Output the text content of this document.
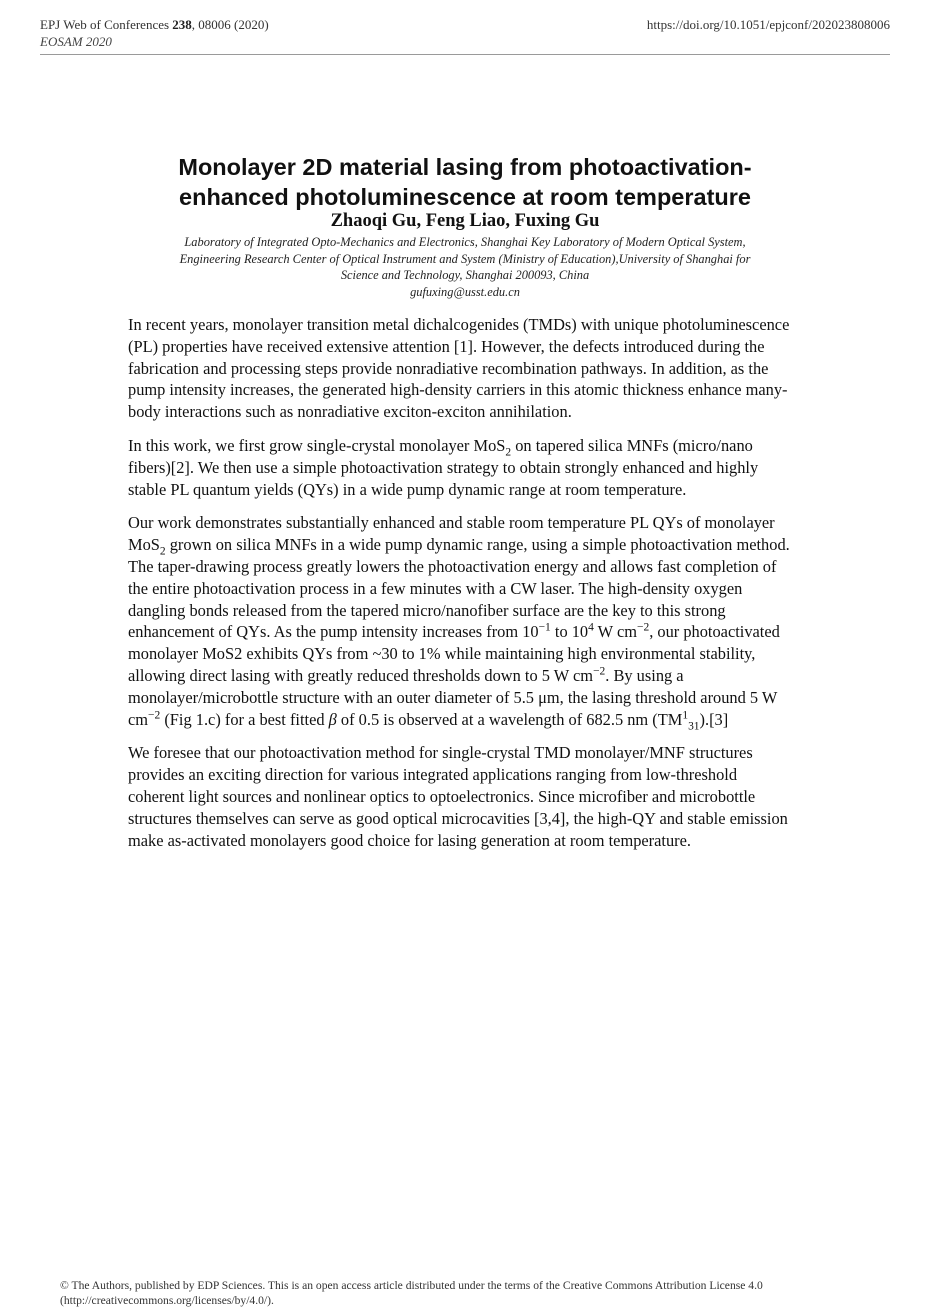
EPJ Web of Conferences 238, 08006 (2020)
EOSAM 2020
https://doi.org/10.1051/epjconf/202023808006
Monolayer 2D material lasing from photoactivation-
enhanced photoluminescence at room temperature
Zhaoqi Gu, Feng Liao, Fuxing Gu
Laboratory of Integrated Opto-Mechanics and Electronics, Shanghai Key Laboratory of Modern Optical System,
Engineering Research Center of Optical Instrument and System (Ministry of Education),University of Shanghai for
Science and Technology, Shanghai 200093, China
gufuxing@usst.edu.cn

In recent years, monolayer transition metal dichalcogenides (TMDs) with unique photoluminescence (PL) properties have received extensive attention [1]. However, the defects introduced during the fabrication and processing steps provide nonradiative recombination pathways. In addition, as the pump intensity increases, the generated high-density carriers in this atomic thickness enhance many-body interactions such as nonradiative exciton-exciton annihilation.

In this work, we first grow single-crystal monolayer MoS$_2$ on tapered silica MNFs (micro/nano fibers)[2]. We then use a simple photoactivation strategy to obtain strongly enhanced and highly stable PL quantum yields (QYs) in a wide pump dynamic range at room temperature.

Our work demonstrates substantially enhanced and stable room temperature PL QYs of monolayer MoS$_2$ grown on silica MNFs in a wide pump dynamic range, using a simple photoactivation method. The taper-drawing process greatly lowers the photoactivation energy and allows fast completion of the entire photoactivation process in a few minutes with a CW laser. The high-density oxygen dangling bonds released from the tapered micro/nanofiber surface are the key to this strong enhancement of QYs. As the pump intensity increases from $10^{-1}$ to $10^4$ W $cm^{-2}$, our photoactivated monolayer MoS2 exhibits QYs from ~30 to 1% while maintaining high environmental stability, allowing direct lasing with greatly reduced thresholds down to 5 W $cm^{-2}$. By using a monolayer/microbottle structure with an outer diameter of 5.5 μm, the lasing threshold around 5 W $cm^{-2}$ (Fig 1.c) for a best fitted β of 0.5 is observed at a wavelength of 682.5 nm $(TM^1_{31}).[3]$

We foresee that our photoactivation method for single-crystal TMD monolayer/MNF structures provides an exciting direction for various integrated applications ranging from low-threshold coherent light sources and nonlinear optics to optoelectronics. Since microfiber and microbottle structures themselves can serve as good optical microcavities [3,4], the high-QY and stable emission make as-activated monolayers good choice for lasing generation at room temperature.

© The Authors, published by EDP Sciences. This is an open access article distributed under the terms of the Creative Commons Attribution License 4.0
(http://creativecommons.org/licenses/by/4.0/).
